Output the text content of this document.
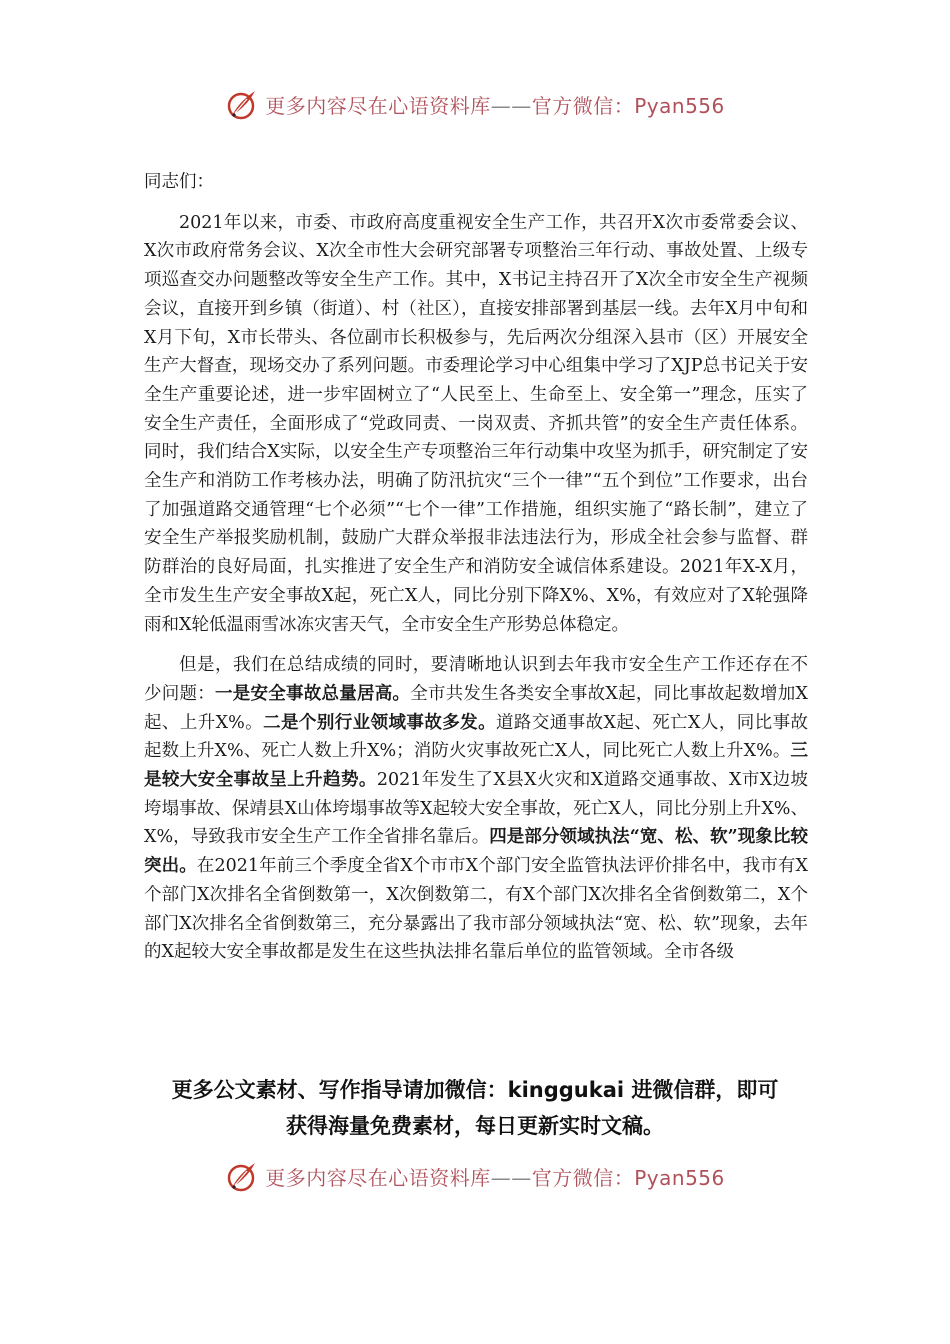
更多内容尽在心语资料库——官方微信：Pyan556

同志们：

2021年以来，市委、市政府高度重视安全生产工作，共召开X次市委常委会议、X次市政府常务会议、X次全市性大会研究部署专项整治三年行动、事故处置、上级专项巡查交办问题整改等安全生产工作。其中，X书记主持召开了X次全市安全生产视频会议，直接开到乡镇（街道）、村（社区），直接安排部署到基层一线。去年X月中旬和X月下旬，X市长带头、各位副市长积极参与，先后两次分组深入县市（区）开展安全生产大督查，现场交办了系列问题。市委理论学习中心组集中学习了XJP总书记关于安全生产重要论述，进一步牢固树立了“人民至上、生命至上、安全第一”理念，压实了安全生产责任，全面形成了“党政同责、一岗双责、齐抓共管”的安全生产责任体系。同时，我们结合X实际，以安全生产专项整治三年行动集中攻坚为抓手，研究制定了安全生产和消防工作考核办法，明确了防汛抗灾“三个一律”“五个到位”工作要求，出台了加强道路交通管理“七个必须”“七个一律”工作措施，组织实施了“路长制”，建立了安全生产举报奖励机制，鼓励广大群众举报非法违法行为，形成全社会参与监督、群防群治的良好局面，扎实推进了安全生产和消防安全诚信体系建设。2021年X-X月，全市发生生产安全事故X起，死亡X人，同比分别下降X%、X%，有效应对了X轮强降雨和X轮低温雨雪冰冻灾害天气，全市安全生产形势总体稳定。

但是，我们在总结成绩的同时，要清晰地认识到去年我市安全生产工作还存在不少问题：一是安全事故总量居高。全市共发生各类安全事故X起，同比事故起数增加X起、上升X%。二是个别行业领域事故多发。道路交通事故X起、死亡X人，同比事故起数上升X%、死亡人数上升X%；消防火灾事故死亡X人，同比死亡人数上升X%。三是较大安全事故呈上升趋势。2021年发生了X县X火灾和X道路交通事故、X市X边坡垮塌事故、保靖县X山体垮塌事故等X起较大安全事故，死亡X人，同比分别上升X%、X%，导致我市安全生产工作全省排名靠后。四是部分领域执法“宽、松、软”现象比较突出。在2021年前三个季度全省X个市市X个部门安全监管执法评价排名中，我市有X个部门X次排名全省倒数第一，X次倒数第二，有X个部门X次排名全省倒数第二，X个部门X次排名全省倒数第三，充分暴露出了我市部分领域执法“宽、松、软”现象，去年的X起较大安全事故都是发生在这些执法排名靠后单位的监管领域。全市各级

更多公文素材、写作指导请加微信：kinggukai 进微信群，即可
获得海量免费素材，每日更新实时文稿。
更多内容尽在心语资料库——官方微信：Pyan556
